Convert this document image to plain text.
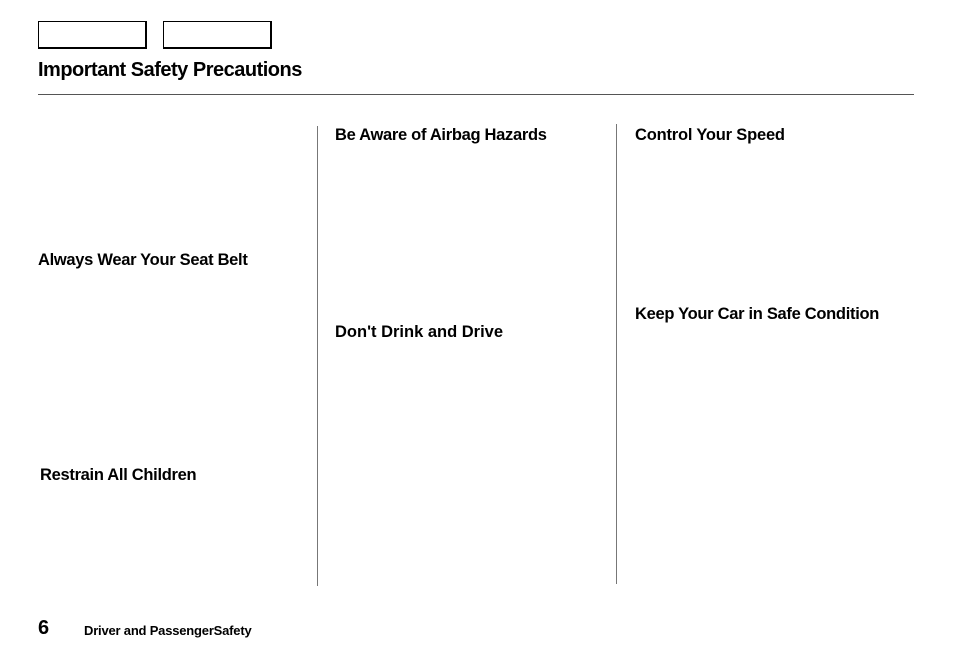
Important Safety Precautions
Always Wear Your Seat Belt
Restrain All Children
Be Aware of Airbag Hazards
Don't Drink and Drive
Control Your Speed
Keep Your Car in Safe Condition
6	Driver and PassengerSafety
